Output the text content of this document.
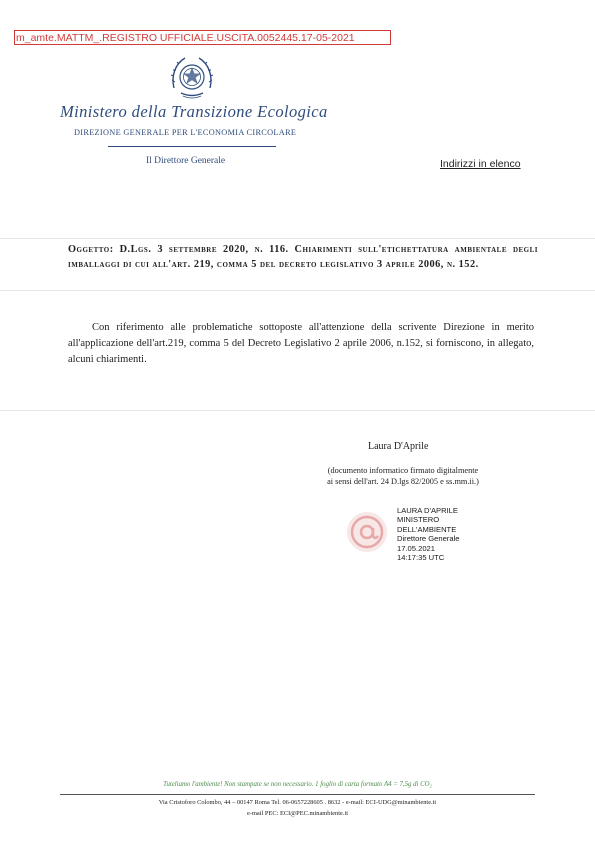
m_amte.MATTM_.REGISTRO UFFICIALE.USCITA.0052445.17-05-2021
Ministero della Transizione Ecologica
DIREZIONE GENERALE PER L'ECONOMIA CIRCOLARE
Il Direttore Generale	Indirizzi in elenco
Oggetto: D.Lgs. 3 settembre 2020, n. 116. Chiarimenti sull'etichettatura ambientale degli imballaggi di cui all'art. 219, comma 5 del decreto legislativo 3 aprile 2006, n. 152.
Con riferimento alle problematiche sottoposte all'attenzione della scrivente Direzione in merito all'applicazione dell'art.219, comma 5 del Decreto Legislativo 2 aprile 2006, n.152, si forniscono, in allegato, alcuni chiarimenti.
Laura D'Aprile
(documento informatico firmato digitalmente
ai sensi dell'art. 24 D.lgs 82/2005 e ss.mm.ii.)
LAURA D'APRILE
MINISTERO
DELL'AMBIENTE
Direttore Generale
17.05.2021
14:17:35 UTC
Tuteliamo l'ambiente! Non stampate se non necessario. 1 foglio di carta formato A4 = 7,5g di CO₂
Via Cristoforo Colombo, 44 – 00147 Roma Tel. 06-0657228605 . 8632 - e-mail: ECI-UDG@minambiente.it
e-mail PEC: ECI@PEC.minambiente.it
